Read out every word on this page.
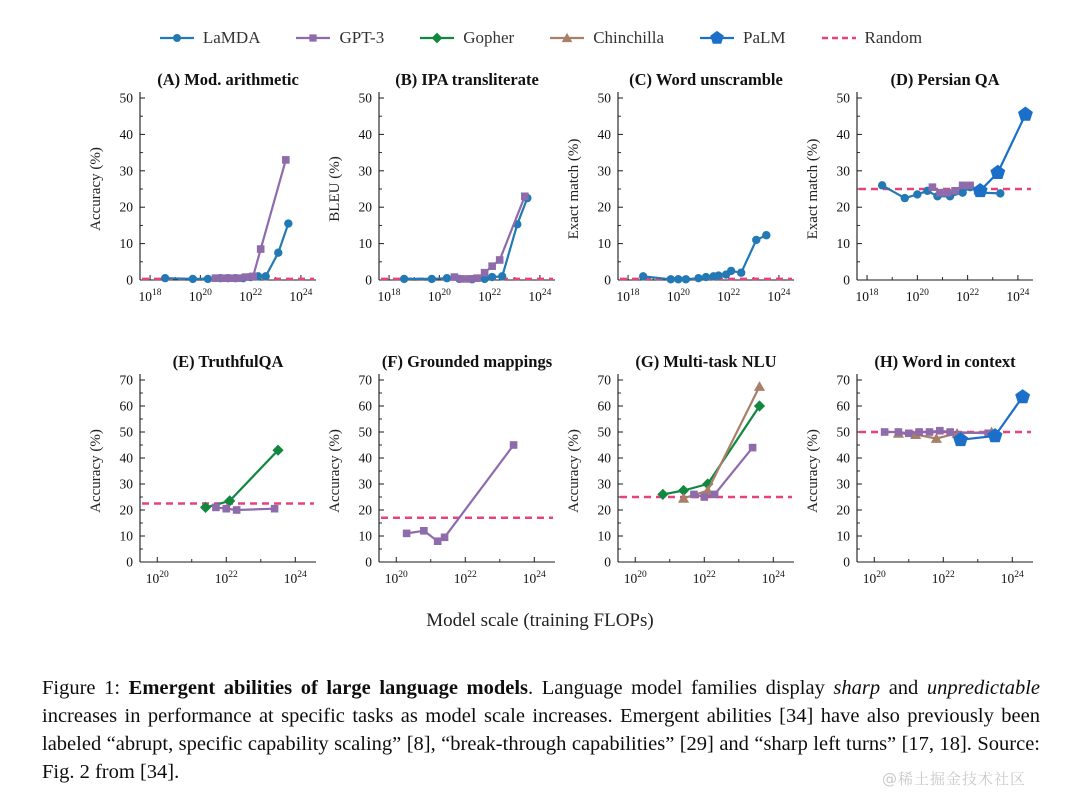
LaMDA	GPT-3	Gopher	Chinchilla	PaLM	Random
(A) Mod. arithmetic
Accuracy (%)
0
10
20
30
40
50
$10^{18}$ $10^{20}$ $10^{22}$ $10^{24}$
(B) IPA transliterate
BLEU (%)
0
10
20
30
40
50
$10^{18}$ $10^{20}$ $10^{22}$ $10^{24}$
(C) Word unscramble
Exact match (%)
0
10
20
30
40
50
$10^{18}$ $10^{20}$ $10^{22}$ $10^{24}$
(D) Persian QA
Exact match (%)
0
10
20
30
40
50
$10^{18}$ $10^{20}$ $10^{22}$ $10^{24}$
(E) TruthfulQA
Accuracy (%)
0
10
20
30
40
50
60
70
$10^{20}$	$10^{22}$	$10^{24}$
(F) Grounded mappings
Accuracy (%)
0
10
20
30
40
50
60
70
$10^{20}$	$10^{22}$	$10^{24}$
(G) Multi-task NLU
Accuracy (%)
0
10
20
30
40
50
60
70
$10^{20}$	$10^{22}$	$10^{24}$
(H) Word in context
Accuracy (%)
0
10
20
30
40
50
60
70
$10^{20}$	$10^{22}$	$10^{24}$
Model scale (training FLOPs)

Figure 1: Emergent abilities of large language models. Language model families display sharp and unpredictable increases in performance at specific tasks as model scale increases. Emergent abilities [34] have also previously been labeled “abrupt, specific capability scaling” [8], “break-through capabilities” [29] and “sharp left turns” [17, 18]. Source: Fig. 2 from [34].	@稀土掘金技术社区
